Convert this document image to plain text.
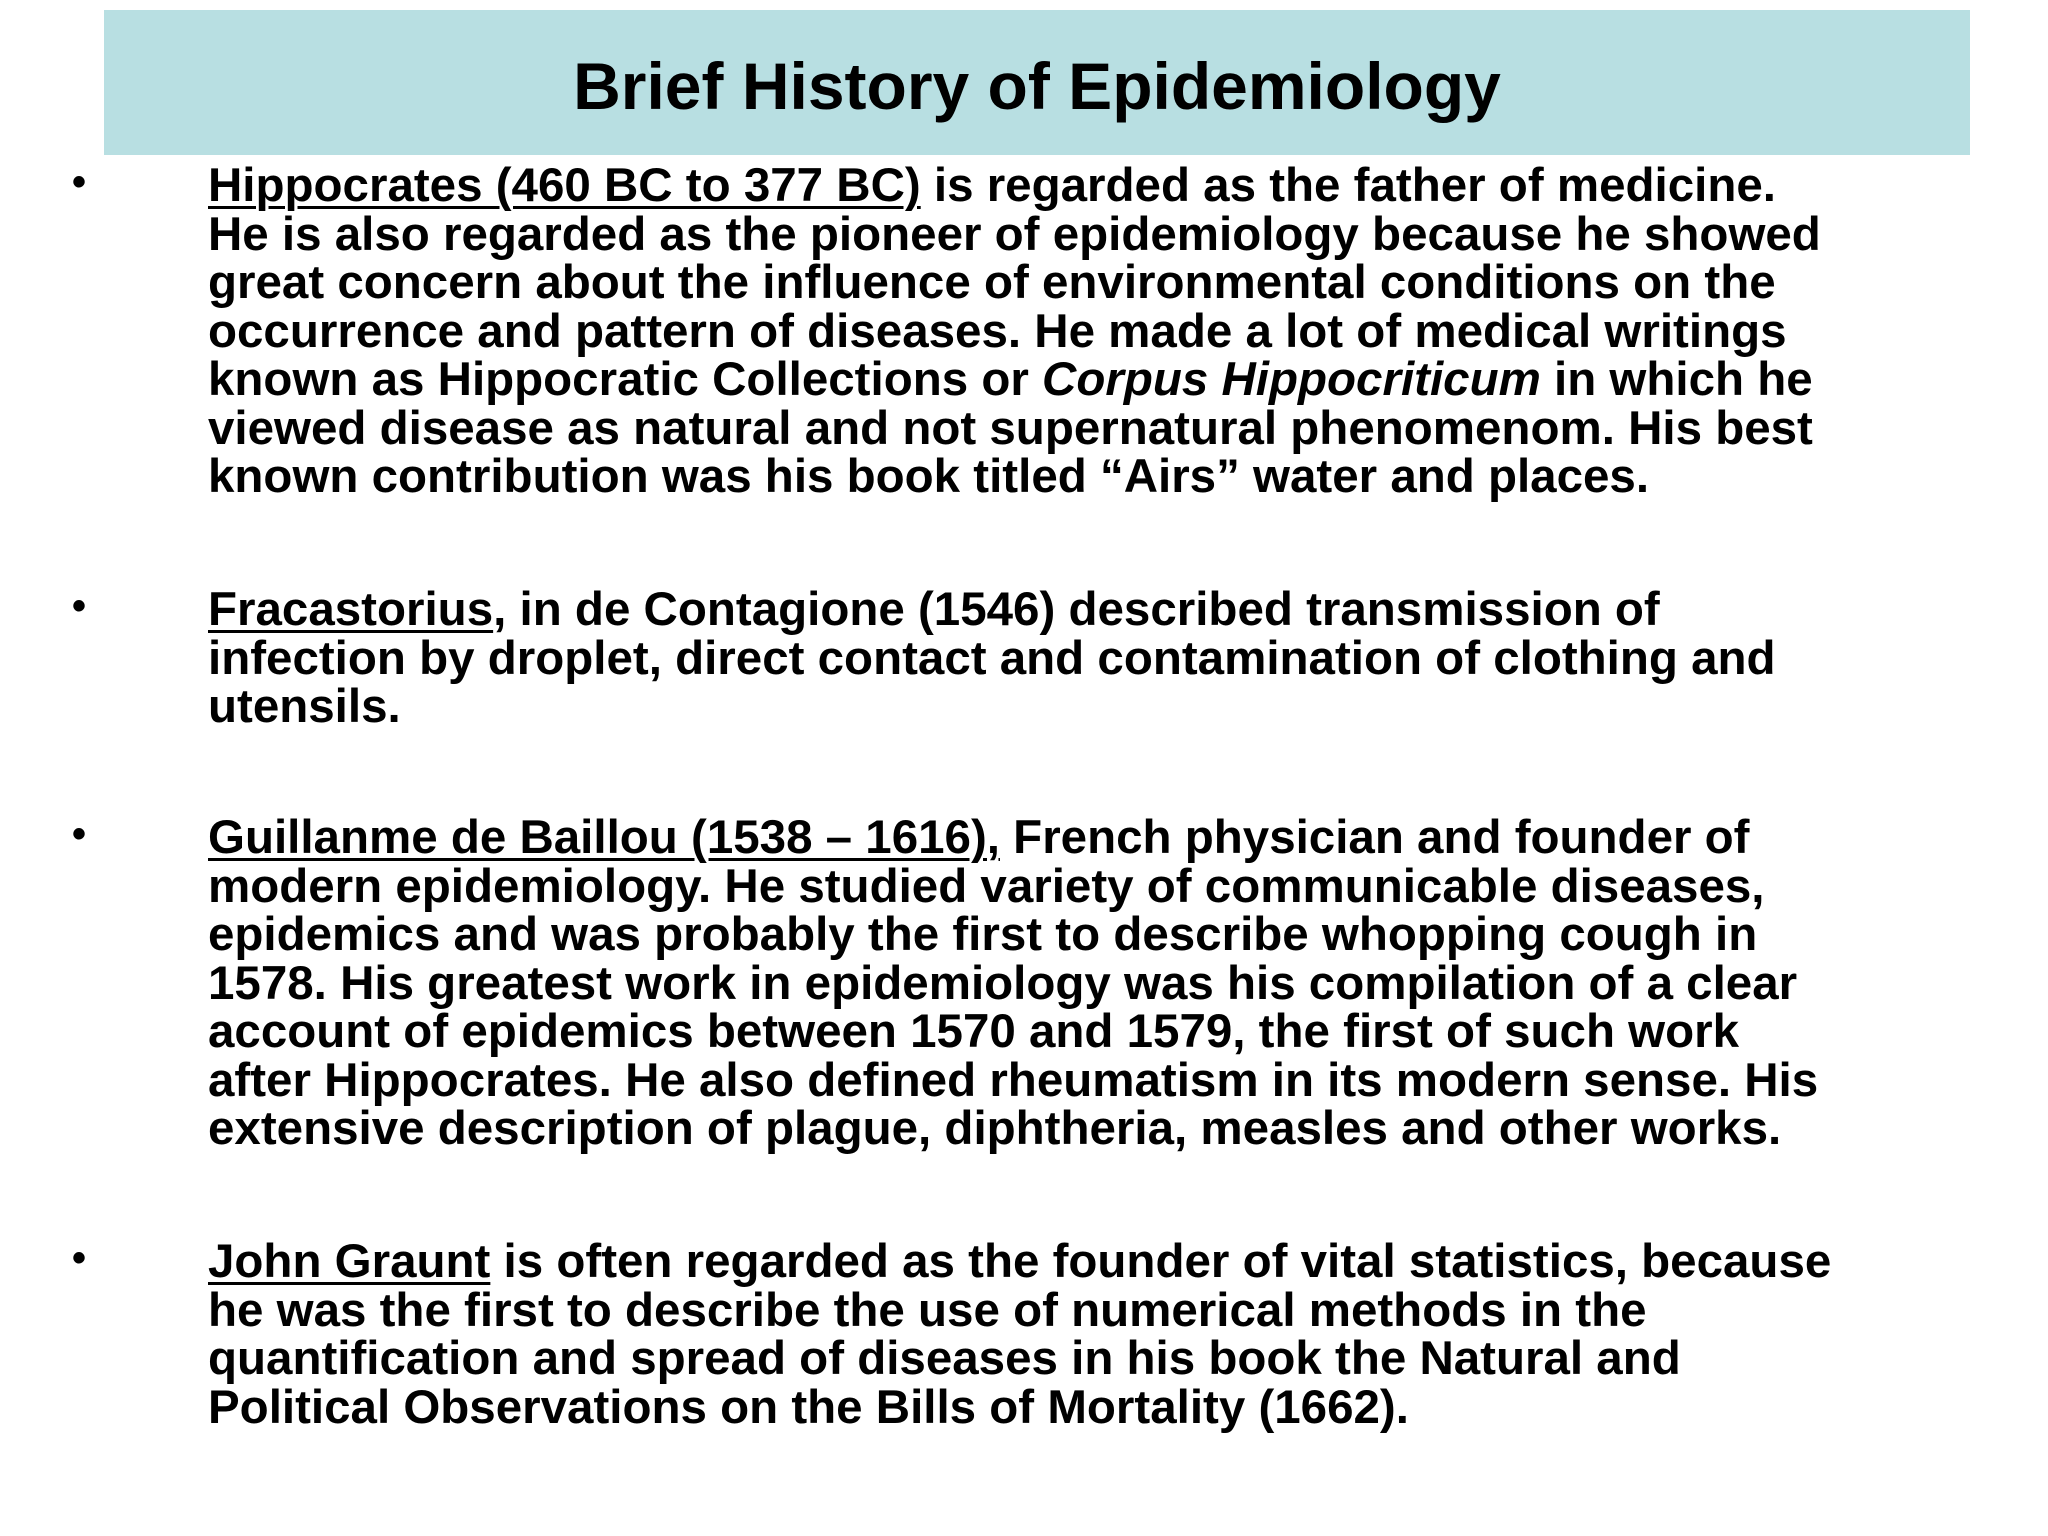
Brief History of Epidemiology
•	Hippocrates (460 BC to 377 BC) is regarded as the father of medicine.
He is also regarded as the pioneer of epidemiology because he showed
great concern about the influence of environmental conditions on the
occurrence and pattern of diseases. He made a lot of medical writings
known as Hippocratic Collections or Corpus Hippocriticum in which he
viewed disease as natural and not supernatural phenomenom. His best
known contribution was his book titled “Airs” water and places.

•	Fracastorius, in de Contagione (1546) described transmission of
infection by droplet, direct contact and contamination of clothing and
utensils.

•	Guillanme de Baillou (1538 – 1616), French physician and founder of
modern epidemiology. He studied variety of communicable diseases,
epidemics and was probably the first to describe whopping cough in
1578. His greatest work in epidemiology was his compilation of a clear
account of epidemics between 1570 and 1579, the first of such work
after Hippocrates. He also defined rheumatism in its modern sense. His
extensive description of plague, diphtheria, measles and other works.

•	John Graunt is often regarded as the founder of vital statistics, because
he was the first to describe the use of numerical methods in the
quantification and spread of diseases in his book the Natural and
Political Observations on the Bills of Mortality (1662).
